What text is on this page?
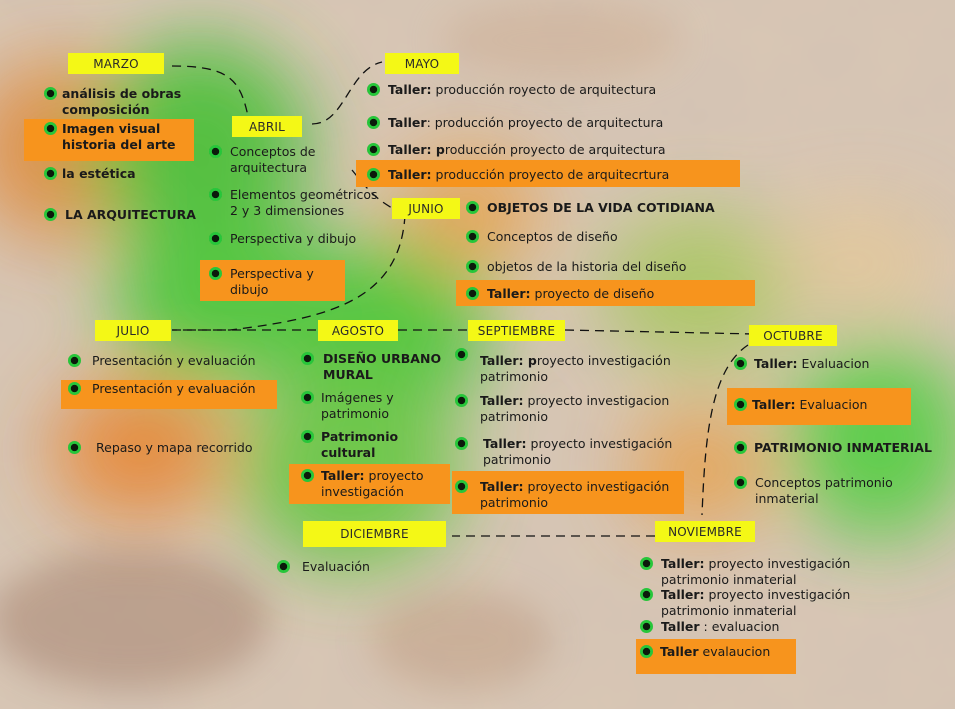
MARZO
ABRIL
MAYO
JUNIO
JULIO	AGOSTO	SEPTIEMBRE	OCTUBRE
NOVIEMBRE
DICIEMBRE
análisis de obras composición
Imagen visual historia del arte
la estética
LA ARQUITECTURA
Conceptos de arquitectura
Elementos geométricos 2 y 3 dimensiones
Perspectiva y dibujo
Perspectiva y dibujo
Taller: producción royecto de arquitectura
Taller: producción proyecto de arquitectura
Taller: producción proyecto de arquitectura
Taller: producción proyecto de arquitecrtura
OBJETOS DE LA VIDA COTIDIANA
Conceptos de diseño
objetos de la historia del diseño
Taller: proyecto de diseño
Presentación y evaluación
Presentación y evaluación
Repaso y mapa recorrido
DISEÑO URBANO MURAL
Imágenes y patrimonio
Patrimonio cultural
Taller: proyecto investigación
Taller: proyecto investigación patrimonio
Taller: proyecto investigacion patrimonio
Taller: proyecto investigación patrimonio
Taller: proyecto investigación patrimonio
Taller: Evaluacion
Taller: Evaluacion
PATRIMONIO INMATERIAL
Conceptos patrimonio inmaterial
Taller: proyecto investigación patrimonio inmaterial
Taller: proyecto investigación patrimonio inmaterial
Taller : evaluacion
Taller evalaucion
Evaluación
